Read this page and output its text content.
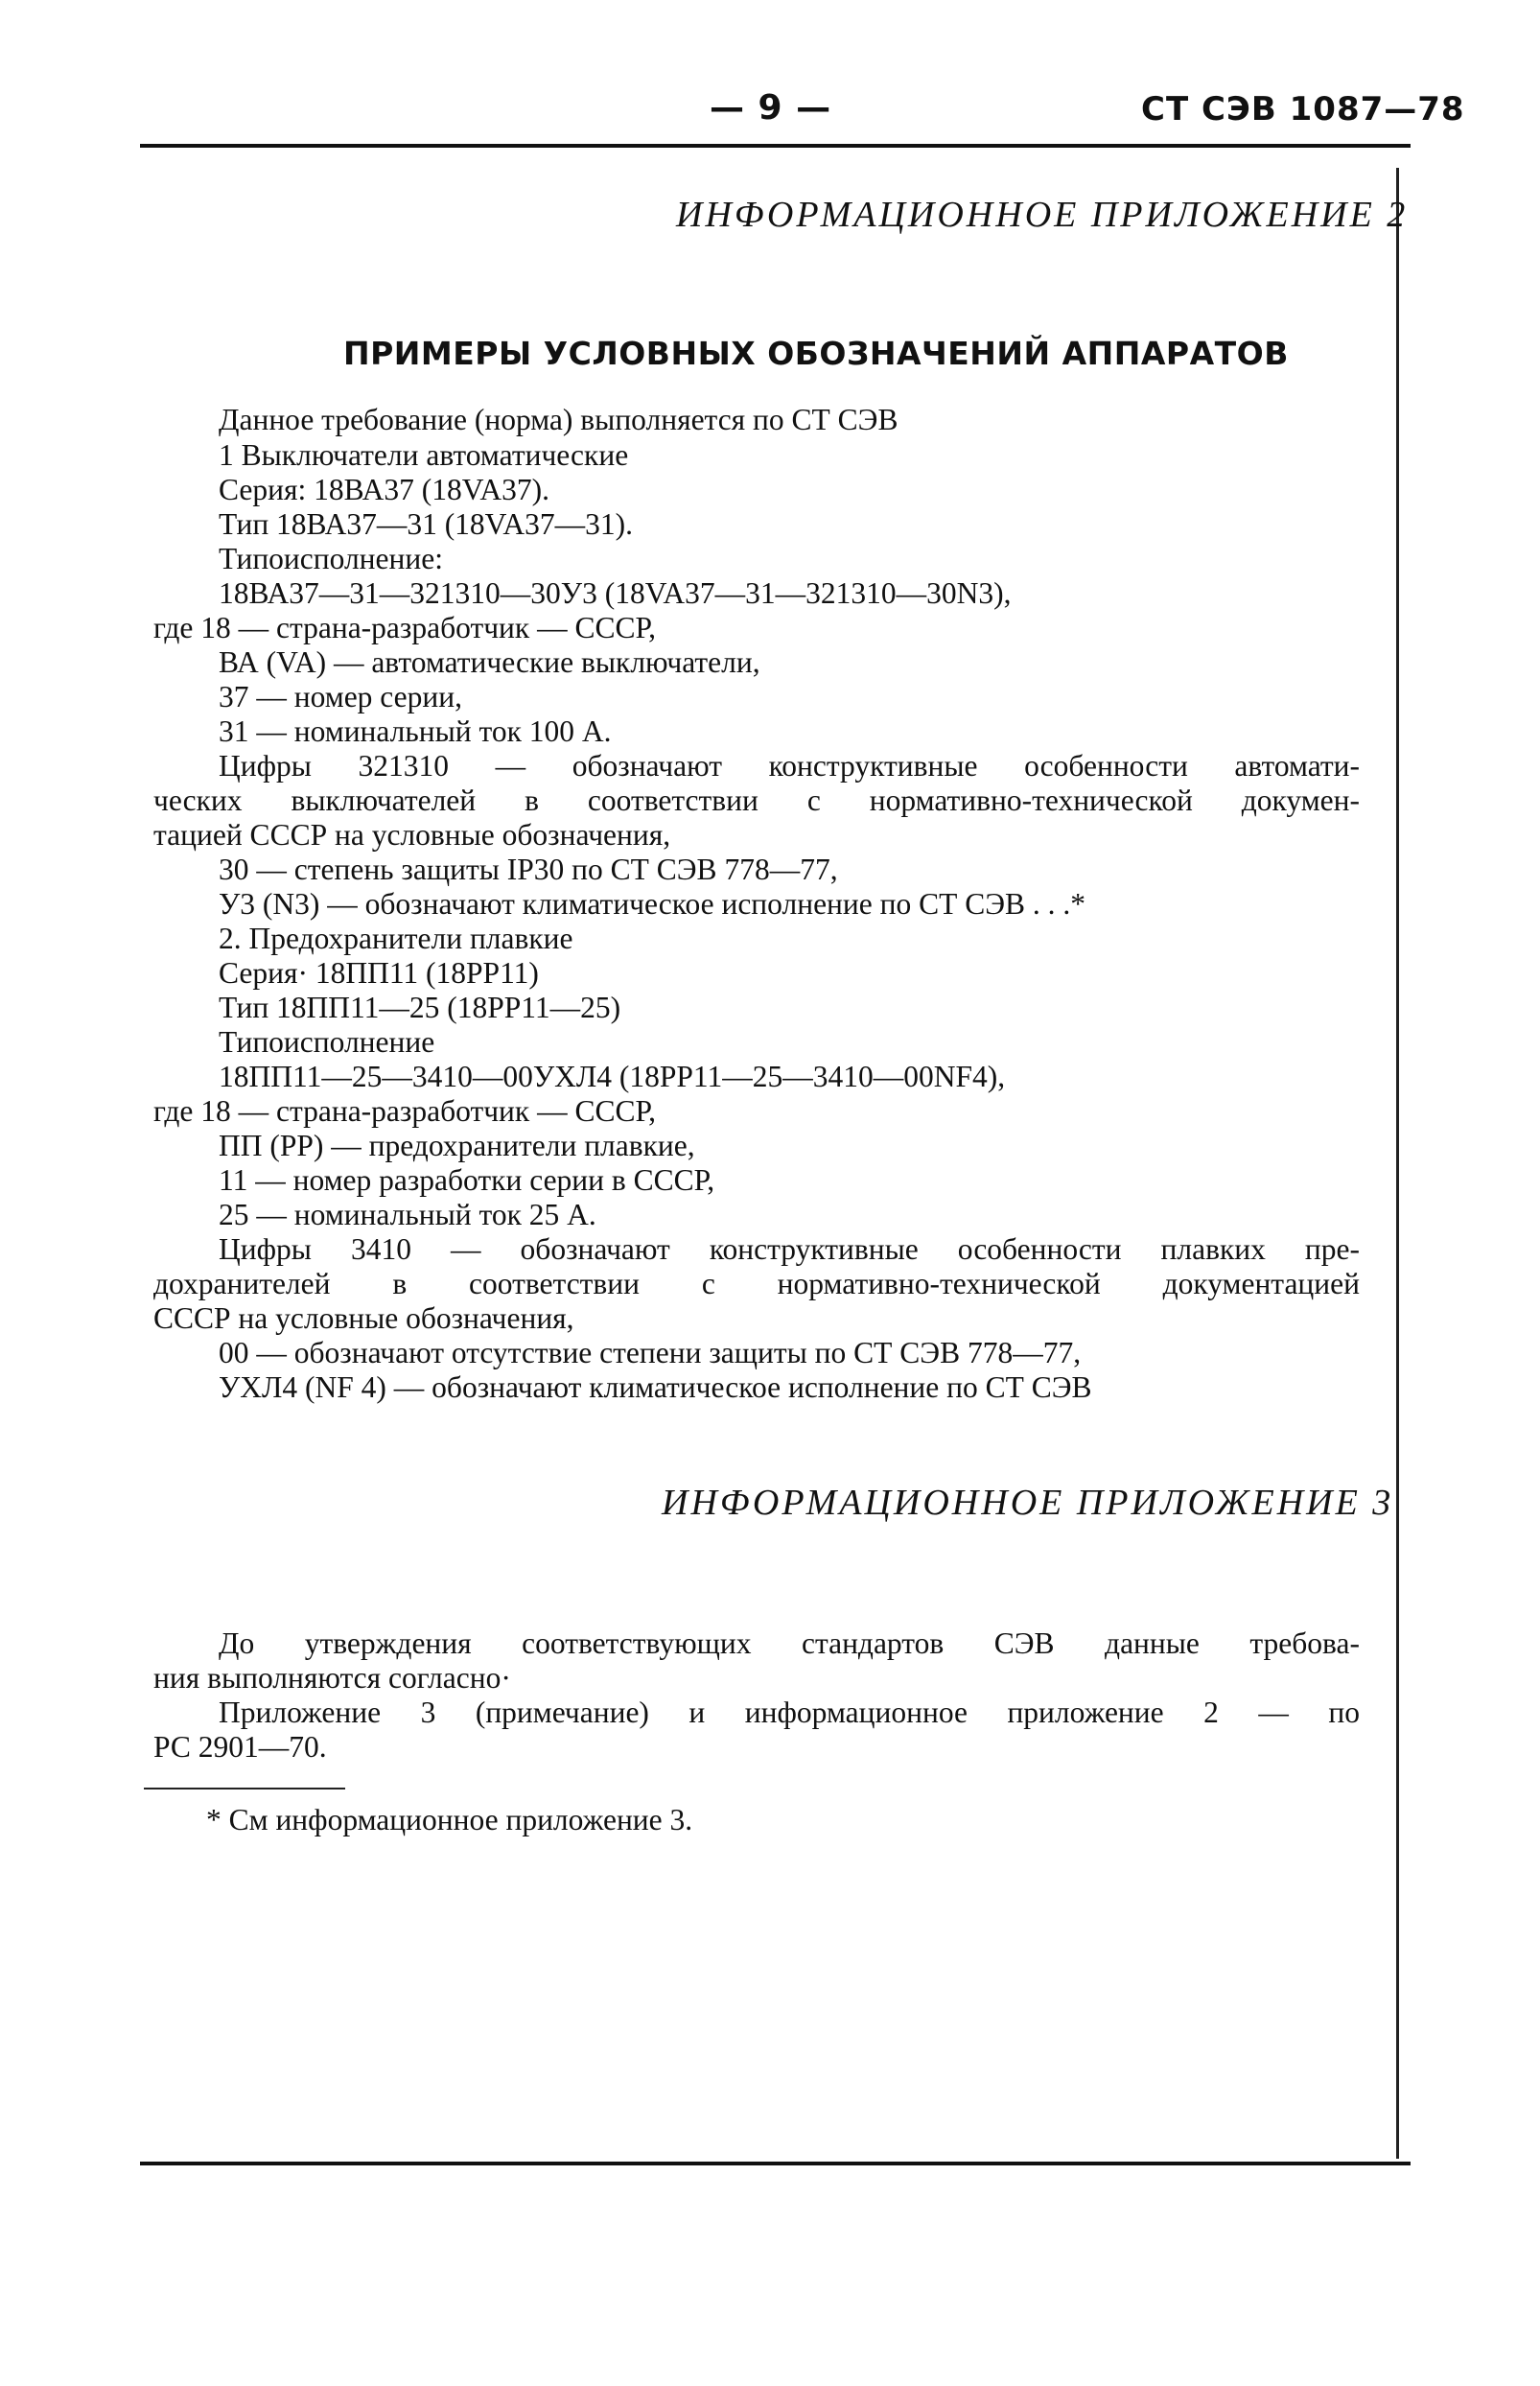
— 9 —	СТ СЭВ 1087—78
ИНФОРМАЦИОННОЕ ПРИЛОЖЕНИЕ 2
ПРИМЕРЫ УСЛОВНЫХ ОБОЗНАЧЕНИЙ АППАРАТОВ
Данное требование (норма) выполняется по СТ СЭВ
1 Выключатели автоматические
Серия: 18ВА37 (18VA37).
Тип 18ВА37—31 (18VA37—31).
Типоисполнение:
18ВА37—31—321310—30У3 (18VA37—31—321310—30N3),
где 18 — страна-разработчик — СССР,
ВА (VA) — автоматические выключатели,
37 — номер серии,
31 — номинальный ток 100 А.
Цифры 321310 — обозначают конструктивные особенности автомати-
ческих выключателей в соответствии с нормативно-технической докумен-
тацией СССР на условные обозначения,
30 — степень защиты IP30 по СТ СЭВ 778—77,
У3 (N3) — обозначают климатическое исполнение по СТ СЭВ . . .*
2. Предохранители плавкие
Серия· 18ПП11 (18РР11)
Тип 18ПП11—25 (18РР11—25)
Типоисполнение
18ПП11—25—3410—00УХЛ4 (18РР11—25—3410—00NF4),
где 18 — страна-разработчик — СССР,
ПП (РР) — предохранители плавкие,
11 — номер разработки серии в СССР,
25 — номинальный ток 25 А.
Цифры 3410 — обозначают конструктивные особенности плавких пре-
дохранителей в соответствии с нормативно-технической документацией
СССР на условные обозначения,
00 — обозначают отсутствие степени защиты по СТ СЭВ 778—77,
УХЛ4 (NF 4) — обозначают климатическое исполнение по СТ СЭВ
ИНФОРМАЦИОННОЕ ПРИЛОЖЕНИЕ 3
До утверждения соответствующих стандартов СЭВ данные требова-
ния выполняются согласно·
Приложение 3 (примечание) и информационное приложение 2 — по
РС 2901—70.
* См информационное приложение 3.
